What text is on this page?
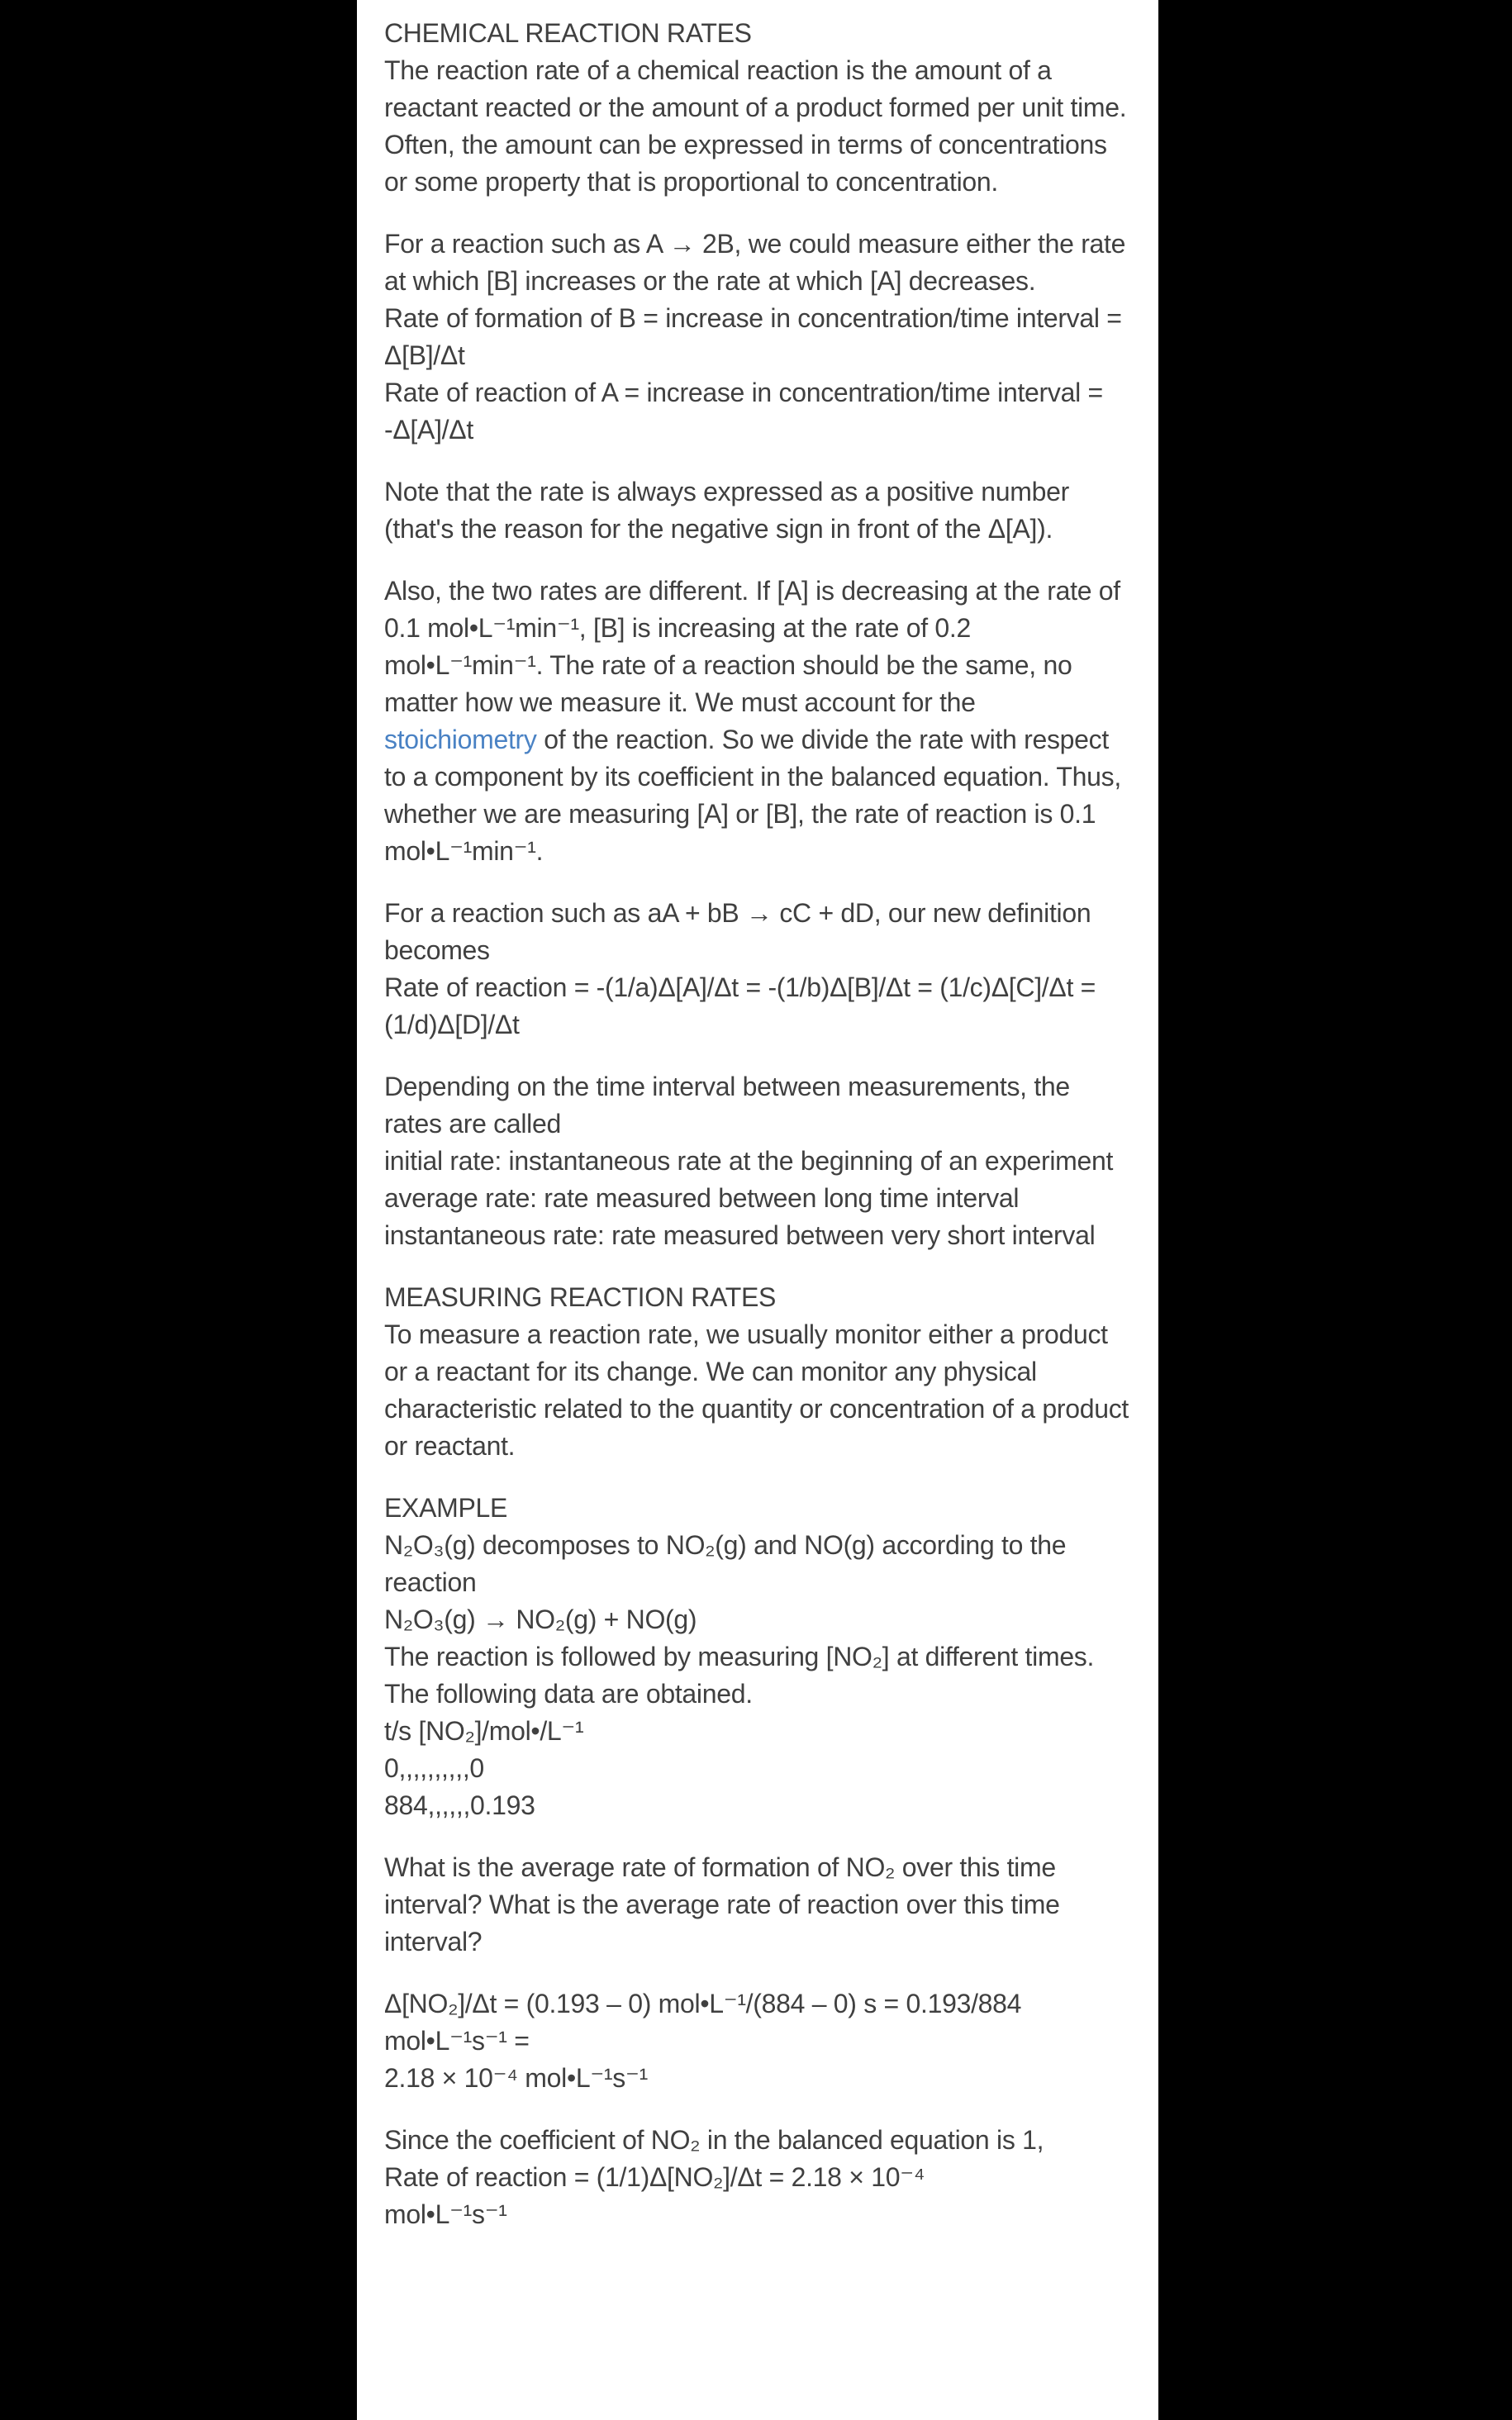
CHEMICAL REACTION RATES
The reaction rate of a chemical reaction is the amount of a reactant reacted or the amount of a product formed per unit time. Often, the amount can be expressed in terms of concentrations or some property that is proportional to concentration.
For a reaction such as A → 2B, we could measure either the rate at which [B] increases or the rate at which [A] decreases.
Rate of formation of B = increase in concentration/time interval = Δ[B]/Δt
Rate of reaction of A = increase in concentration/time interval = -Δ[A]/Δt
Note that the rate is always expressed as a positive number (that's the reason for the negative sign in front of the Δ[A]).
Also, the two rates are different. If [A] is decreasing at the rate of 0.1 mol•L⁻¹min⁻¹, [B] is increasing at the rate of 0.2 mol•L⁻¹min⁻¹. The rate of a reaction should be the same, no matter how we measure it. We must account for the stoichiometry of the reaction. So we divide the rate with respect to a component by its coefficient in the balanced equation. Thus, whether we are measuring [A] or [B], the rate of reaction is 0.1 mol•L⁻¹min⁻¹.
For a reaction such as aA + bB → cC + dD, our new definition becomes
Rate of reaction = -(1/a)Δ[A]/Δt = -(1/b)Δ[B]/Δt = (1/c)Δ[C]/Δt = (1/d)Δ[D]/Δt
Depending on the time interval between measurements, the rates are called
initial rate: instantaneous rate at the beginning of an experiment
average rate: rate measured between long time interval
instantaneous rate: rate measured between very short interval
MEASURING REACTION RATES
To measure a reaction rate, we usually monitor either a product or a reactant for its change. We can monitor any physical characteristic related to the quantity or concentration of a product or reactant.
EXAMPLE
N₂O₃(g) decomposes to NO₂(g) and NO(g) according to the reaction
N₂O₃(g) → NO₂(g) + NO(g)
The reaction is followed by measuring [NO₂] at different times. The following data are obtained.
t/s [NO₂]/mol•/L⁻¹
0,,,,,,,,,,0
884,,,,,,0.193
What is the average rate of formation of NO₂ over this time interval? What is the average rate of reaction over this time interval?
Δ[NO₂]/Δt = (0.193 – 0) mol•L⁻¹/(884 – 0) s = 0.193/884 mol•L⁻¹s⁻¹ =
2.18 × 10⁻⁴ mol•L⁻¹s⁻¹
Since the coefficient of NO₂ in the balanced equation is 1,
Rate of reaction = (1/1)Δ[NO₂]/Δt = 2.18 × 10⁻⁴
mol•L⁻¹s⁻¹
